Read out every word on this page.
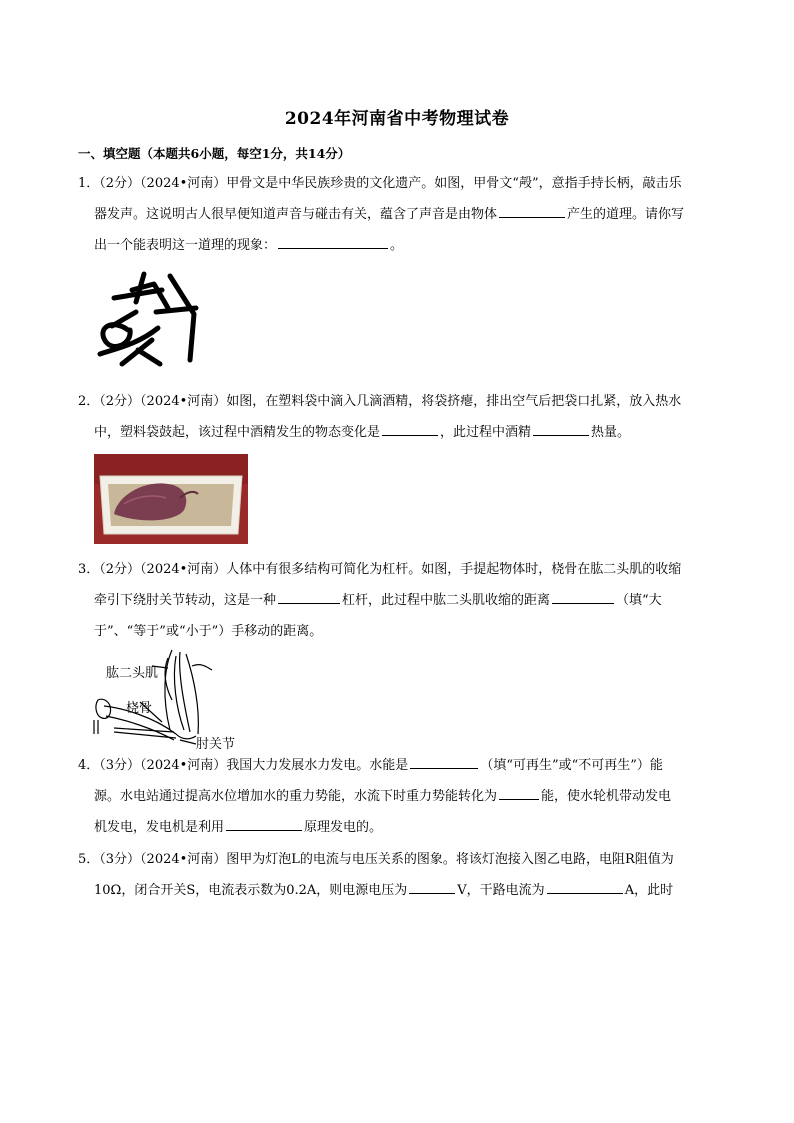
2024年河南省中考物理试卷
一、填空题（本题共6小题，每空1分，共14分）
1．（2分）（2024•河南）甲骨文是中华民族珍贵的文化遗产。如图，甲骨文“殸”，意指手持长柄，敲击乐
器发声。这说明古人很早便知道声音与碰击有关，蕴含了声音是由物体	产生的道理。请你写
出一个能表明这一道理的现象：	。
2．（2分）（2024•河南）如图，在塑料袋中滴入几滴酒精，将袋挤瘪，排出空气后把袋口扎紧，放入热水
中，塑料袋鼓起，该过程中酒精发生的物态变化是	，此过程中酒精	热量。
3．（2分）（2024•河南）人体中有很多结构可简化为杠杆。如图，手提起物体时，桡骨在肱二头肌的收缩
牵引下绕肘关节转动，这是一种	杠杆，此过程中肱二头肌收缩的距离	（填“大
于”、“等于”或“小于”）手移动的距离。
肱二头肌
桡骨
肘关节
4．（3分）（2024•河南）我国大力发展水力发电。水能是	（填“可再生”或“不可再生”）能
源。水电站通过提高水位增加水的重力势能，水流下时重力势能转化为	能，使水轮机带动发电
机发电，发电机是利用	原理发电的。
5．（3分）（2024•河南）图甲为灯泡L的电流与电压关系的图象。将该灯泡接入图乙电路，电阻R阻值为
10Ω，闭合开关S，电流表示数为0.2A，则电源电压为	V，干路电流为	A，此时
